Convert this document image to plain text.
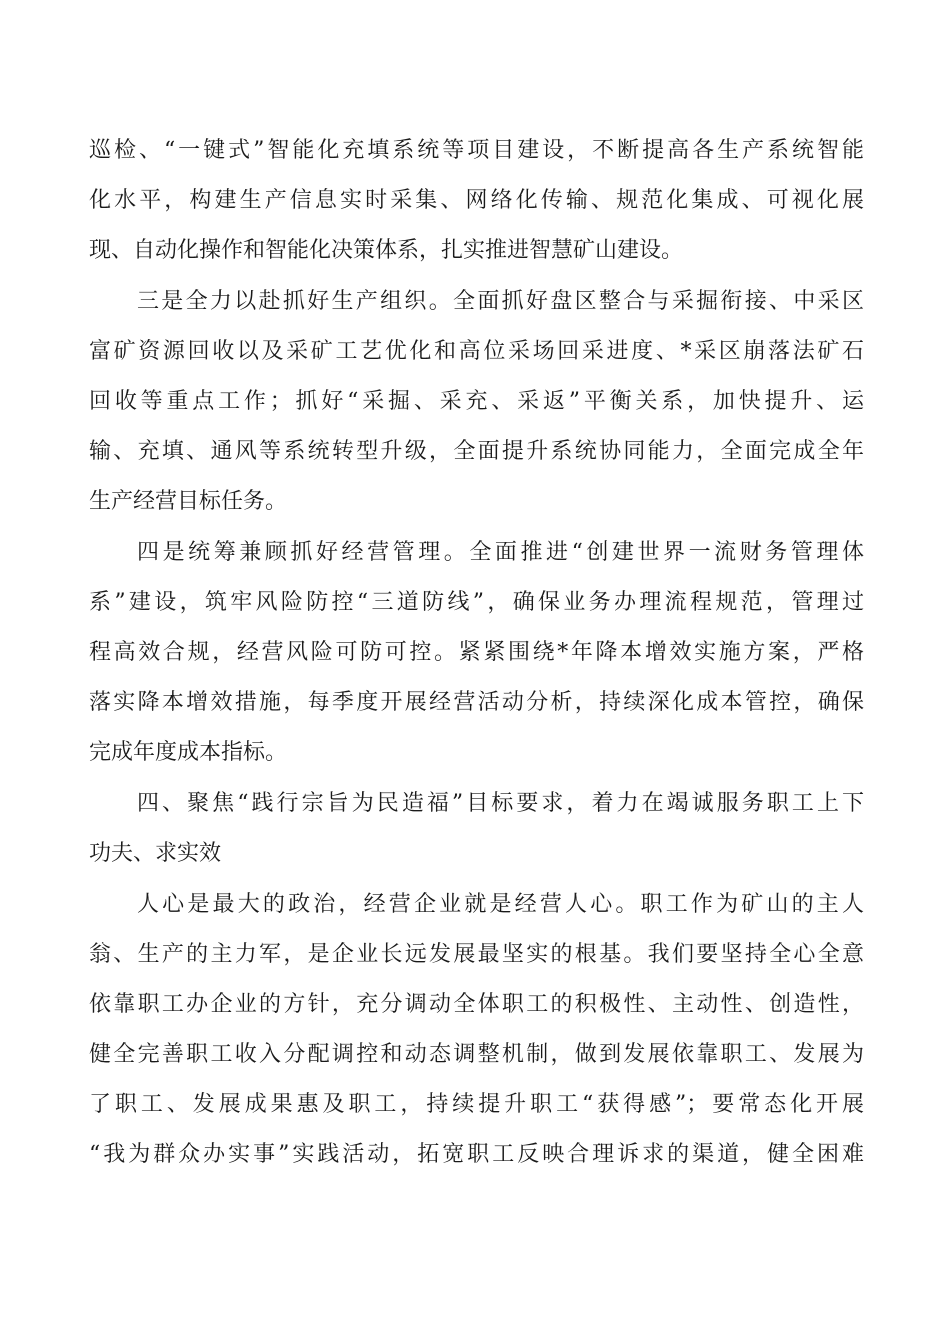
巡检、“一键式”智能化充填系统等项目建设，不断提高各生产系统智能
化水平，构建生产信息实时采集、网络化传输、规范化集成、可视化展
现、自动化操作和智能化决策体系，扎实推进智慧矿山建设。
三是全力以赴抓好生产组织。全面抓好盘区整合与采掘衔接、中采区
富矿资源回收以及采矿工艺优化和高位采场回采进度、*采区崩落法矿石
回收等重点工作；抓好“采掘、采充、采返”平衡关系，加快提升、运
输、充填、通风等系统转型升级，全面提升系统协同能力，全面完成全年
生产经营目标任务。
四是统筹兼顾抓好经营管理。全面推进“创建世界一流财务管理体
系”建设，筑牢风险防控“三道防线”，确保业务办理流程规范，管理过
程高效合规，经营风险可防可控。紧紧围绕*年降本增效实施方案，严格
落实降本增效措施，每季度开展经营活动分析，持续深化成本管控，确保
完成年度成本指标。
四、聚焦“践行宗旨为民造福”目标要求，着力在竭诚服务职工上下
功夫、求实效
人心是最大的政治，经营企业就是经营人心。职工作为矿山的主人
翁、生产的主力军，是企业长远发展最坚实的根基。我们要坚持全心全意
依靠职工办企业的方针，充分调动全体职工的积极性、主动性、创造性，
健全完善职工收入分配调控和动态调整机制，做到发展依靠职工、发展为
了职工、发展成果惠及职工，持续提升职工“获得感”；要常态化开展
“我为群众办实事”实践活动，拓宽职工反映合理诉求的渠道，健全困难
